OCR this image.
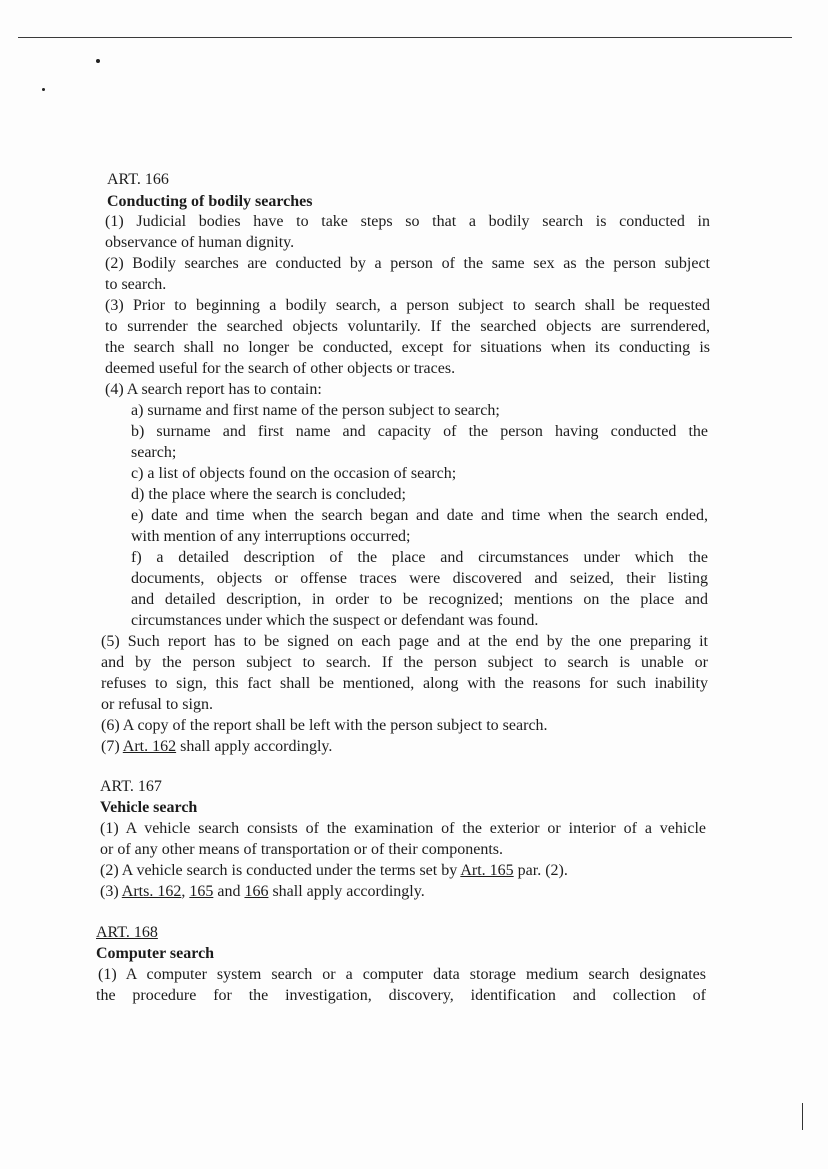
ART. 166
Conducting of bodily searches
(1) Judicial bodies have to take steps so that a bodily search is conducted in
observance of human dignity.
(2) Bodily searches are conducted by a person of the same sex as the person subject
to search.
(3) Prior to beginning a bodily search, a person subject to search shall be requested
to surrender the searched objects voluntarily. If the searched objects are surrendered,
the search shall no longer be conducted, except for situations when its conducting is
deemed useful for the search of other objects or traces.
(4) A search report has to contain:
a) surname and first name of the person subject to search;
b) surname and first name and capacity of the person having conducted the
search;
c) a list of objects found on the occasion of search;
d) the place where the search is concluded;
e) date and time when the search began and date and time when the search ended,
with mention of any interruptions occurred;
f) a detailed description of the place and circumstances under which the
documents, objects or offense traces were discovered and seized, their listing
and detailed description, in order to be recognized; mentions on the place and
circumstances under which the suspect or defendant was found.
(5) Such report has to be signed on each page and at the end by the one preparing it
and by the person subject to search. If the person subject to search is unable or
refuses to sign, this fact shall be mentioned, along with the reasons for such inability
or refusal to sign.
(6) A copy of the report shall be left with the person subject to search.
(7) Art. 162 shall apply accordingly.
ART. 167
Vehicle search
(1) A vehicle search consists of the examination of the exterior or interior of a vehicle
or of any other means of transportation or of their components.
(2) A vehicle search is conducted under the terms set by Art. 165 par. (2).
(3) Arts. 162, 165 and 166 shall apply accordingly.
ART. 168
Computer search
(1) A computer system search or a computer data storage medium search designates
the procedure for the investigation, discovery, identification and collection of
